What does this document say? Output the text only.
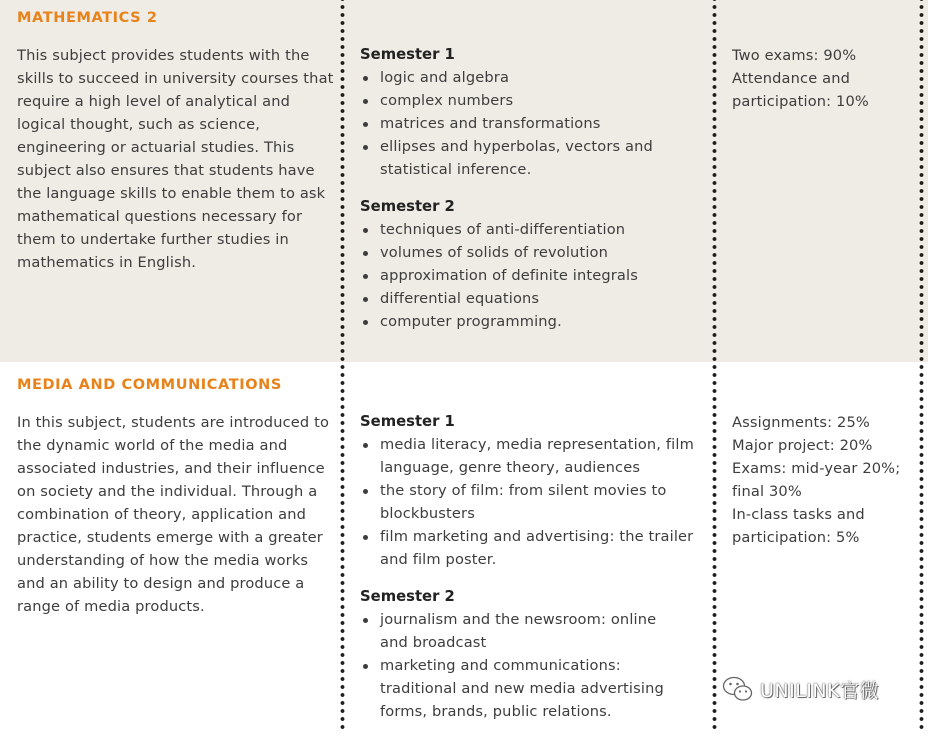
MATHEMATICS 2

This subject provides students with the skills to succeed in university courses that require a high level of analytical and logical thought, such as science, engineering or actuarial studies. This subject also ensures that students have the language skills to enable them to ask mathematical questions necessary for them to undertake further studies in mathematics in English.

Semester 1
logic and algebra
complex numbers
matrices and transformations
ellipses and hyperbolas, vectors and statistical inference.
Semester 2
techniques of anti-differentiation
volumes of solids of revolution
approximation of definite integrals
differential equations
computer programming.

Two exams: 90%

Attendance and participation: 10%

MEDIA AND COMMUNICATIONS

In this subject, students are introduced to the dynamic world of the media and associated industries, and their influence on society and the individual. Through a combination of theory, application and practice, students emerge with a greater understanding of how the media works and an ability to design and produce a range of media products.

Semester 1
media literacy, media representation, film language, genre theory, audiences
the story of film: from silent movies to blockbusters
film marketing and advertising: the trailer and film poster.
Semester 2
journalism and the newsroom: online and broadcast
marketing and communications: traditional and new media advertising forms, brands, public relations.

Assignments: 25%

Major project: 20%

Exams: mid-year 20%; final 30%

In-class tasks and participation: 5%

UNILINK官微
